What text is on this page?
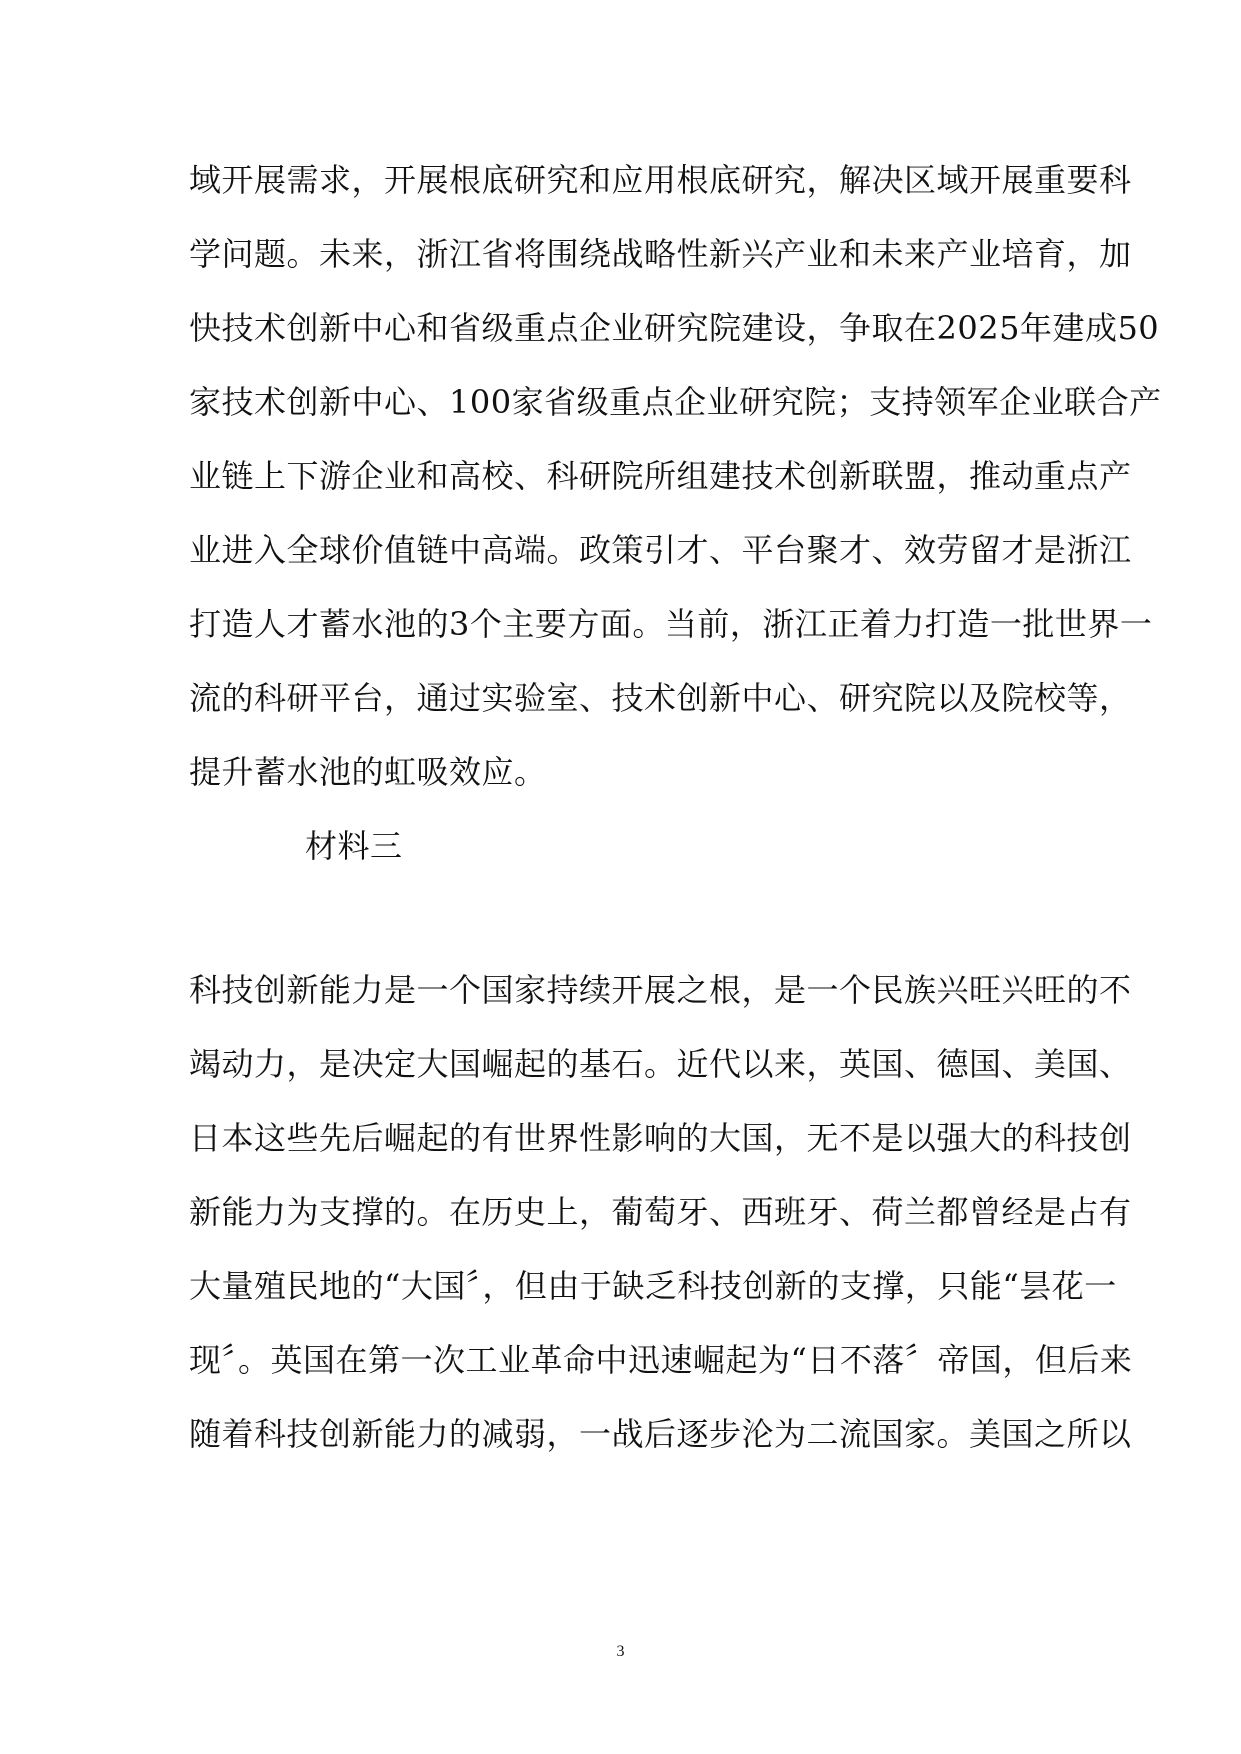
域开展需求，开展根底研究和应用根底研究，解决区域开展重要科
学问题。未来，浙江省将围绕战略性新兴产业和未来产业培育，加
快技术创新中心和省级重点企业研究院建设，争取在2025年建成50
家技术创新中心、100家省级重点企业研究院；支持领军企业联合产
业链上下游企业和高校、科研院所组建技术创新联盟，推动重点产
业进入全球价值链中高端。政策引才、平台聚才、效劳留才是浙江
打造人才蓄水池的3个主要方面。当前，浙江正着力打造一批世界一
流的科研平台，通过实验室、技术创新中心、研究院以及院校等，
提升蓄水池的虹吸效应。
材料三
科技创新能力是一个国家持续开展之根，是一个民族兴旺兴旺的不
竭动力，是决定大国崛起的基石。近代以来，英国、德国、美国、
日本这些先后崛起的有世界性影响的大国，无不是以强大的科技创
新能力为支撑的。在历史上，葡萄牙、西班牙、荷兰都曾经是占有
大量殖民地的“大国〞，但由于缺乏科技创新的支撑，只能“昙花一
现〞。英国在第一次工业革命中迅速崛起为“日不落〞帝国，但后来
随着科技创新能力的减弱，一战后逐步沦为二流国家。美国之所以
3
